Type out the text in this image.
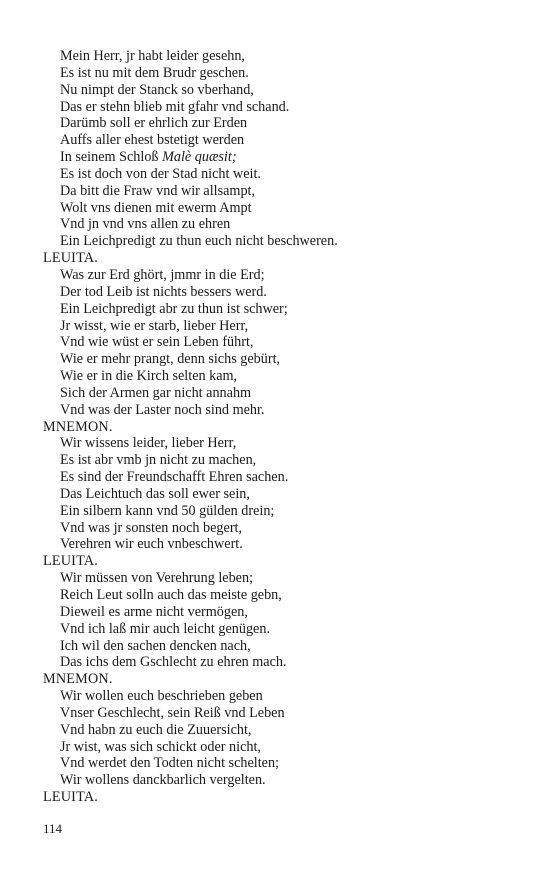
Mein Herr, jr habt leider gesehn,
Es ist nu mit dem Brudr geschen.
Nu nimpt der Stanck so vberhand,
Das er stehn blieb mit gfahr vnd schand.
Darümb soll er ehrlich zur Erden
Auffs aller ehest bstetigt werden
In seinem Schloß Malè quæsit;
Es ist doch von der Stad nicht weit.
Da bitt die Fraw vnd wir allsampt,
Wolt vns dienen mit ewerm Ampt
Vnd jn vnd vns allen zu ehren
Ein Leichpredigt zu thun euch nicht beschweren.
LEUITA.
Was zur Erd ghört, jmmr in die Erd;
Der tod Leib ist nichts bessers werd.
Ein Leichpredigt abr zu thun ist schwer;
Jr wisst, wie er starb, lieber Herr,
Vnd wie wüst er sein Leben führt,
Wie er mehr prangt, denn sichs gebürt,
Wie er in die Kirch selten kam,
Sich der Armen gar nicht annahm
Vnd was der Laster noch sind mehr.
MNEMON.
Wir wissens leider, lieber Herr,
Es ist abr vmb jn nicht zu machen,
Es sind der Freundschafft Ehren sachen.
Das Leichtuch das soll ewer sein,
Ein silbern kann vnd 50 gülden drein;
Vnd was jr sonsten noch begert,
Verehren wir euch vnbeschwert.
LEUITA.
Wir müssen von Verehrung leben;
Reich Leut solln auch das meiste gebn,
Dieweil es arme nicht vermögen,
Vnd ich laß mir auch leicht genügen.
Ich wil den sachen dencken nach,
Das ichs dem Gschlecht zu ehren mach.
MNEMON.
Wir wollen euch beschrieben geben
Vnser Geschlecht, sein Reiß vnd Leben
Vnd habn zu euch die Zuuersicht,
Jr wist, was sich schickt oder nicht,
Vnd werdet den Todten nicht schelten;
Wir wollens danckbarlich vergelten.
LEUITA.
114
